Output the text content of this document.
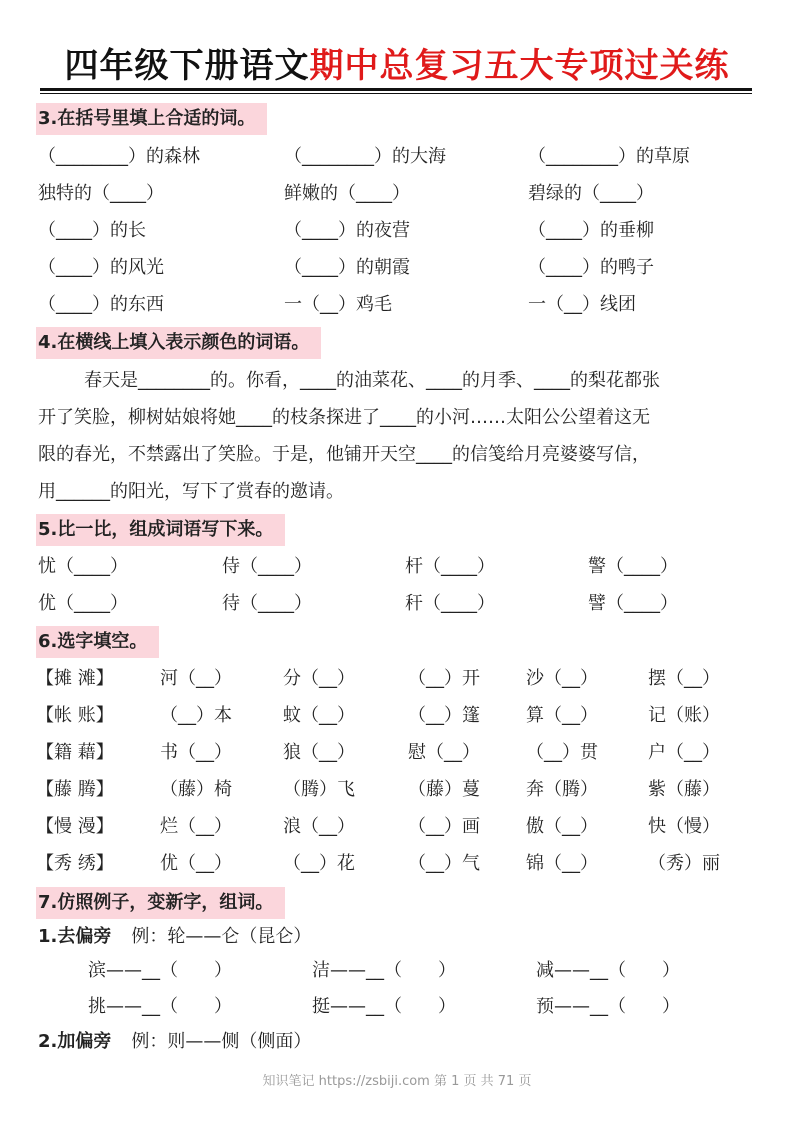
四年级下册语文期中总复习五大专项过关练
3.在括号里填上合适的词。
（________）的森林	（________）的大海	（________）的草原
独特的（____）	鲜嫩的（____）	碧绿的（____）
（____）的长	（____）的夜营	（____）的垂柳
（____）的风光	（____）的朝霞	（____）的鸭子
（____）的东西	一（__）鸡毛	一（__）线团
4.在横线上填入表示颜色的词语。
春天是________的。你看，____的油菜花、____的月季、____的梨花都张
开了笑脸，柳树姑娘将她____的枝条探进了____的小河……太阳公公望着这无
限的春光，不禁露出了笑脸。于是，他铺开天空____的信笺给月亮婆婆写信，
用______的阳光，写下了赏春的邀请。
5.比一比，组成词语写下来。
忧（____）	侍（____）	杆（____）	警（____）
优（____）	待（____）	秆（____）	譬（____）
6.选字填空。
【摊 滩】	河（__）	分（__）	（__）开	沙（__）	摆（__）
【帐 账】	（__）本	蚊（__）	（__）篷	算（__）	记（账）
【籍 藉】	书（__）	狼（__）	慰（__）	（__）贯	户（__）
【藤 腾】	（藤）椅	（腾）飞	（藤）蔓	奔（腾）	紫（藤）
【慢 漫】	烂（__）	浪（__）	（__）画	傲（__）	快（慢）
【秀 绣】	优（__）	（__）花	（__）气	锦（__）	（秀）丽
7.仿照例子，变新字，组词。
1.去偏旁 例：轮——仑（昆仑）
滨——__（　　）	洁——__（　　）	减——__（　　）
挑——__（　　）	挺——__（　　）	预——__（　　）
2.加偏旁 例：则——侧（侧面）
知识笔记 https://zsbiji.com 第 1 页 共 71 页
